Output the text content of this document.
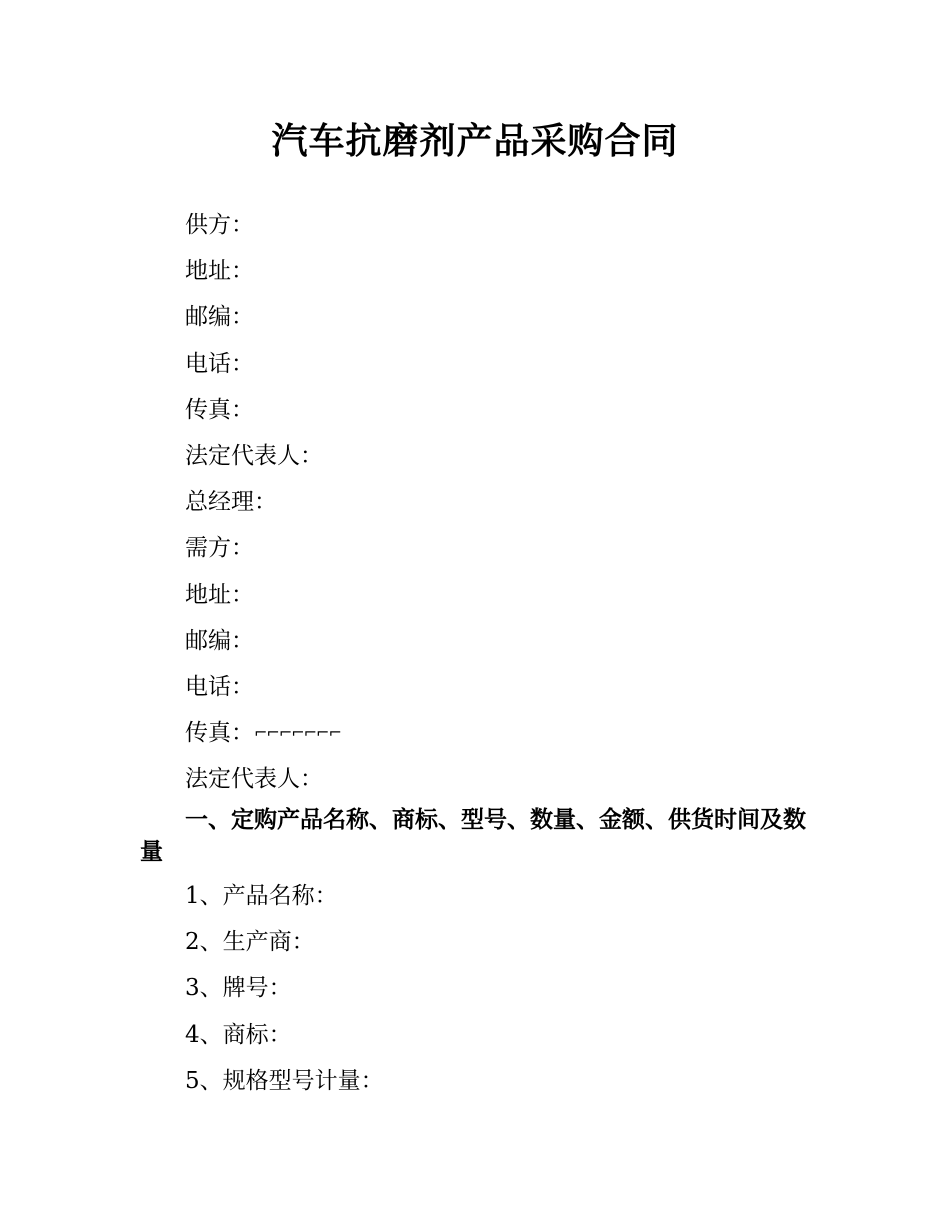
汽车抗磨剂产品采购合同
供方：
地址：
邮编：
电话：
传真：
法定代表人：
总经理：
需方：
地址：
邮编：
电话：
传真：⌐⌐⌐⌐⌐⌐⌐
法定代表人：
一、定购产品名称、商标、型号、数量、金额、供货时间及数量
1、产品名称：
2、生产商：
3、牌号：
4、商标：
5、规格型号计量：
